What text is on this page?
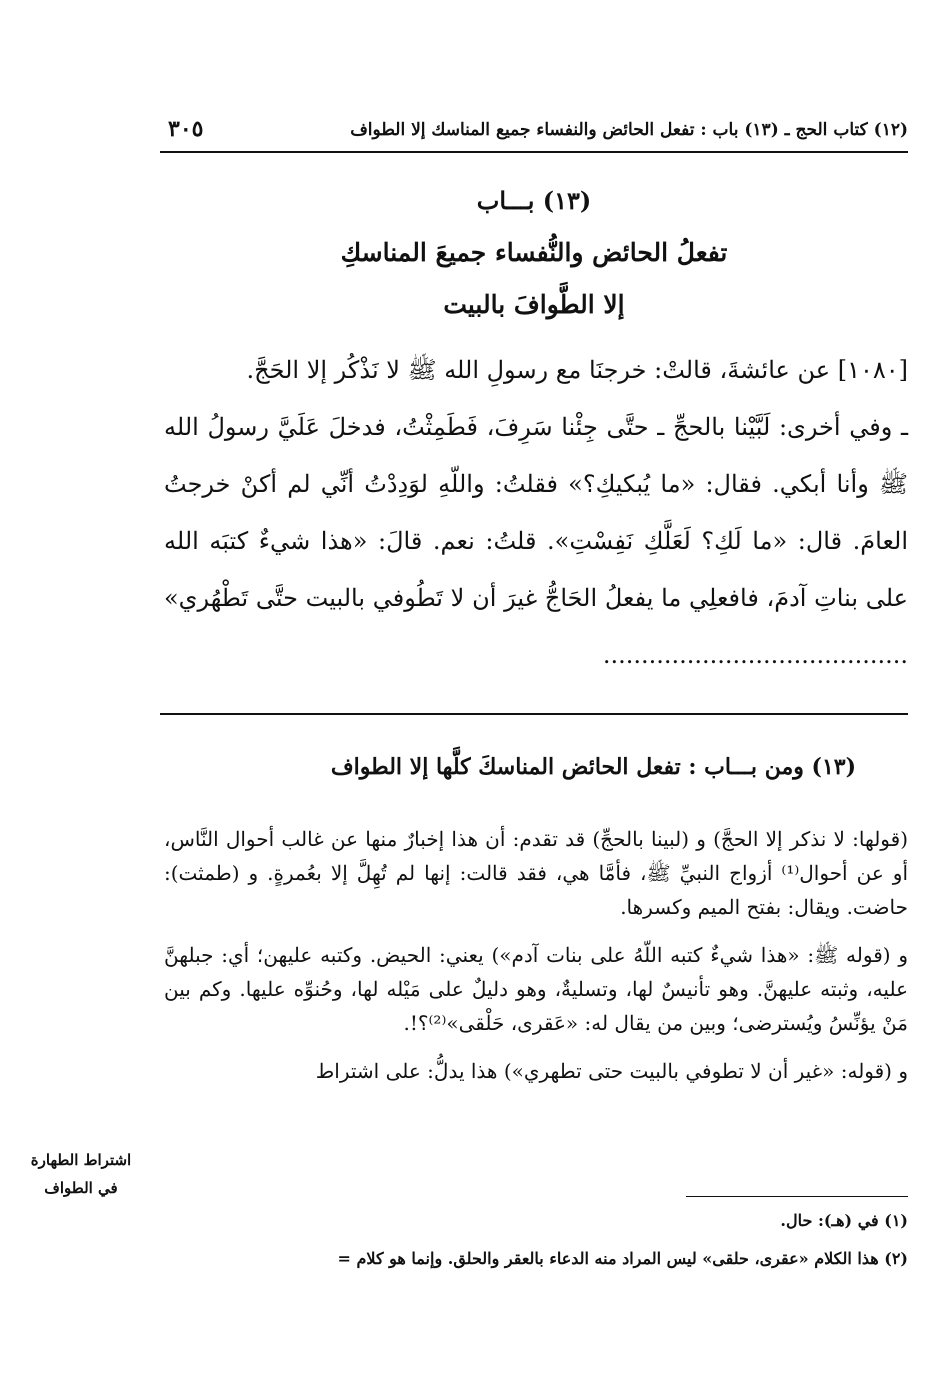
(١٢) كتاب الحج ـ (١٣) باب : تفعل الحائض والنفساء جميع المناسك إلا الطواف
٣٠٥
(١٣) بـــاب
تفعلُ الحائض والنُّفساء جميعَ المناسكِ
إلا الطَّوافَ بالبيت

[١٠٨٠] عن عائشةَ، قالتْ: خرجنَا مع رسولِ الله ﷺ لا نَذْكُر إلا الحَجَّ.

ـ وفي أخرى: لَبَّيْنا بالحجِّ ـ حتَّى جِئْنا سَرِفَ، فَطَمِثْتُ، فدخلَ عَلَيَّ رسولُ الله ﷺ وأنا أبكي. فقال: «ما يُبكيكِ؟» فقلتُ: واللّهِ لوَدِدْتُ أنِّي لم أكنْ خرجتُ العامَ. قال: «ما لَكِ؟ لَعَلَّكِ نَفِسْتِ». قلتُ: نعم. قالَ: «هذا شيءٌ كتبَه الله على بناتِ آدمَ، فافعلِي ما يفعلُ الحَاجُّ غيرَ أن لا تَطُوفي بالبيت حتَّى تَطْهُري» ........................................

(١٣) ومن بـــاب : تفعل الحائض المناسكَ كلَّها إلا الطواف

(قولها: لا نذكر إلا الحجَّ) و (لبينا بالحجِّ) قد تقدم: أن هذا إخبارٌ منها عن غالب أحوال النَّاس، أو عن أحوال⁽¹⁾ أزواج النبيِّ ﷺ، فأمَّا هي، فقد قالت: إنها لم تُهِلَّ إلا بعُمرةٍ. و (طمثت): حاضت. ويقال: بفتح الميم وكسرها.

و (قوله ﷺ: «هذا شيءٌ كتبه اللّهُ على بنات آدم») يعني: الحيض. وكتبه عليهن؛ أي: جبلهنَّ عليه، وثبته عليهنَّ. وهو تأنيسٌ لها، وتسليةٌ، وهو دليلٌ على مَيْله لها، وحُنوِّه عليها. وكم بين مَنْ يؤنِّسُ ويُسترضى؛ وبين من يقال له: «عَقرى، حَلْقى»⁽²⁾؟!.

و (قوله: «غير أن لا تطوفي بالبيت حتى تطهري») هذا يدلُّ: على اشتراط

اشتراط الطهارة
في الطواف
(١) في (هـ): حال.
(٢) هذا الكلام «عقرى، حلقى» ليس المراد منه الدعاء بالعقر والحلق. وإنما هو كلام =
